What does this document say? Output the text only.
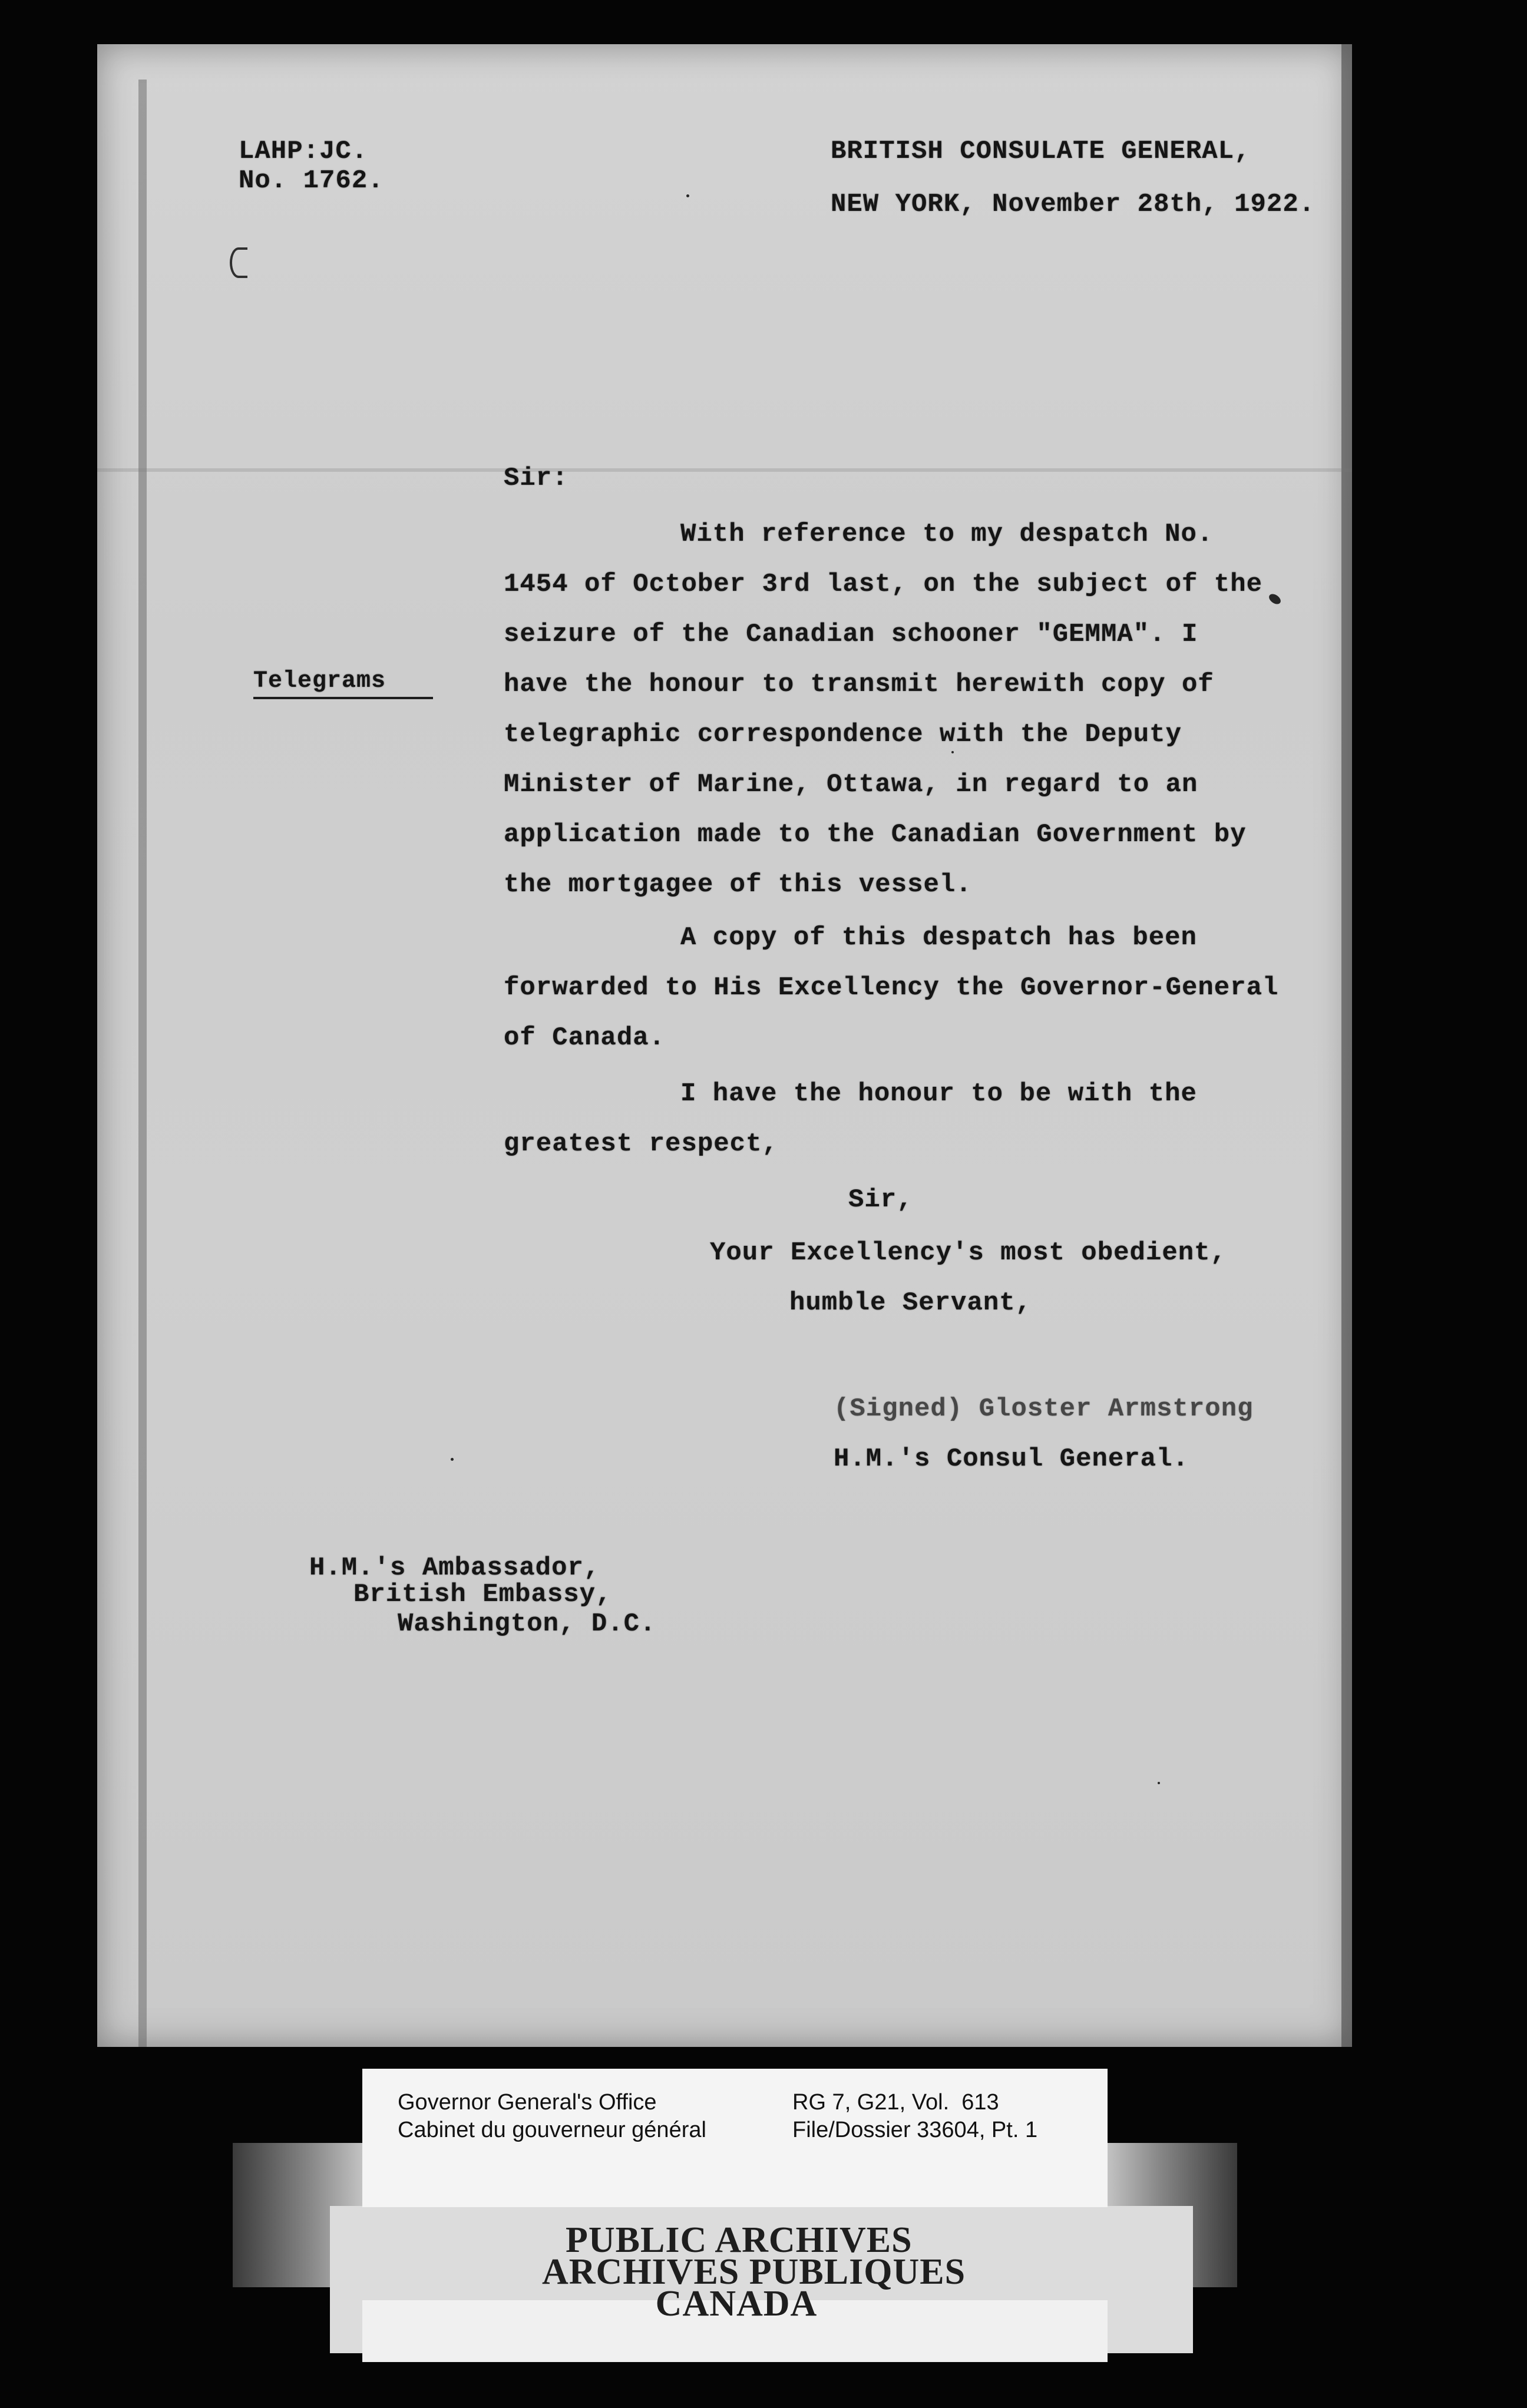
LAHP:JC.
No. 1762.
BRITISH CONSULATE GENERAL,
NEW YORK, November 28th, 1922.
Sir:
With reference to my despatch No.
1454 of October 3rd last, on the subject of the
seizure of the Canadian schooner "GEMMA". I
Telegrams	have the honour to transmit herewith copy of
telegraphic correspondence with the Deputy
Minister of Marine, Ottawa, in regard to an
application made to the Canadian Government by
the mortgagee of this vessel.
A copy of this despatch has been
forwarded to His Excellency the Governor-General
of Canada.
I have the honour to be with the
greatest respect,
Sir,
Your Excellency's most obedient,
humble Servant,
(Signed) Gloster Armstrong
H.M.'s Consul General.
H.M.'s Ambassador,
British Embassy,
Washington, D.C.
Governor General's Office
Cabinet du gouverneur général
RG 7, G21, Vol.  613
File/Dossier 33604, Pt. 1
PUBLIC ARCHIVES
ARCHIVES PUBLIQUES
CANADA
